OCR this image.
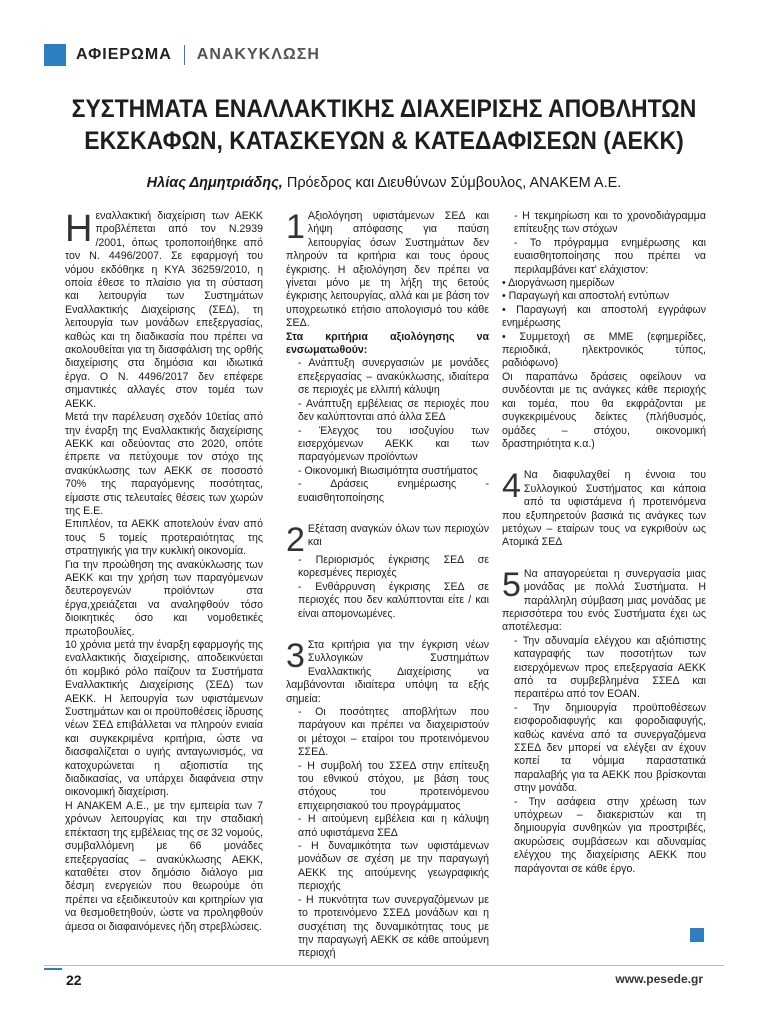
ΑΦΙΕΡΩΜΑ ΑΝΑΚΥΚΛΩΣΗ
ΣΥΣΤΗΜΑΤΑ ΕΝΑΛΛΑΚΤΙΚΗΣ ΔΙΑΧΕΙΡΙΣΗΣ ΑΠΟΒΛΗΤΩΝ
ΕΚΣΚΑΦΩΝ, ΚΑΤΑΣΚΕΥΩΝ & ΚΑΤΕΔΑΦΙΣΕΩΝ (ΑΕΚΚ)
Ηλίας Δημητριάδης, Πρόεδρος και Διευθύνων Σύμβουλος, ΑΝΑΚΕΜ Α.Ε.

Ηεναλλακτική διαχείριση των ΑΕΚΚ προβλέπεται από τον Ν.2939 /2001, όπως τροποποιήθηκε από τον Ν. 4496/2007. Σε εφαρμογή του νόμου εκδόθηκε η ΚΥΑ 36259/2010, η οποία έθεσε το πλαίσιο για τη σύσταση και λειτουργία των Συστημάτων Εναλλακτικής Διαχείρισης (ΣΕΔ), τη λειτουργία των μονάδων επεξεργασίας, καθώς και τη διαδικασία που πρέπει να ακολουθείται για τη διασφάλιση της ορθής διαχείρισης στα δημόσια και ιδιωτικά έργα. Ο Ν. 4496/2017 δεν επέφερε σημαντικές αλλαγές στον τομέα των ΑΕΚΚ.

Μετά την παρέλευση σχεδόν 10ετίας από την έναρξη της Εναλλακτικής διαχείρισης ΑΕΚΚ και οδεύοντας στο 2020, οπότε έπρεπε να πετύχουμε τον στόχο της ανακύκλωσης των ΑΕΚΚ σε ποσοστό 70% της παραγόμενης ποσότητας, είμαστε στις τελευταίες θέσεις των χωρών της Ε.Ε.

Επιπλέον, τα ΑΕΚΚ αποτελούν έναν από τους 5 τομείς προτεραιότητας της στρατηγικής για την κυκλική οικονομία.

Για την προώθηση της ανακύκλωσης των ΑΕΚΚ και την χρήση των παραγόμενων δευτερογενών προϊόντων στα έργα,χρειάζεται να αναληφθούν τόσο διοικητικές όσο και νομοθετικές πρωτοβουλίες.

10 χρόνια μετά την έναρξη εφαρμογής της εναλλακτικής διαχείρισης, αποδεικνύεται ότι κομβικό ρόλο παίζουν τα Συστήματα Εναλλακτικής Διαχείρισης (ΣΕΔ) των ΑΕΚΚ. Η λειτουργία των υφιστάμενων Συστημάτων και οι προϋποθέσεις ίδρυσης νέων ΣΕΔ επιβάλλεται να πληρούν ενιαία και συγκεκριμένα κριτήρια, ώστε να διασφαλίζεται ο υγιής ανταγωνισμός, να κατοχυρώνεται η αξιοπιστία της διαδικασίας, να υπάρχει διαφάνεια στην οικονομική διαχείριση.

Η ΑΝΑΚΕΜ Α.Ε., με την εμπειρία των 7 χρόνων λειτουργίας και την σταδιακή επέκταση της εμβέλειας της σε 32 νομούς, συμβαλλόμενη με 66 μονάδες επεξεργασίας – ανακύκλωσης ΑΕΚΚ, καταθέτει στον δημόσιο διάλογο μια δέσμη ενεργειών που θεωρούμε ότι πρέπει να εξειδικευτούν και κριτηρίων για να θεσμοθετηθούν, ώστε να προληφθούν άμεσα οι διαφαινόμενες ήδη στρεβλώσεις.

1 Αξιολόγηση υφιστάμενων ΣΕΔ και λήψη απόφασης για παύση λειτουργίας όσων Συστημάτων δεν πληρούν τα κριτήρια και τους όρους έγκρισης. Η αξιολόγηση δεν πρέπει να γίνεται μόνο με τη λήξη της 6ετούς έγκρισης λειτουργίας, αλλά και με βάση τον υποχρεωτικό ετήσιο απολογισμό του κάθε ΣΕΔ.

Στα κριτήρια αξιολόγησης να ενσωματωθούν:

- Ανάπτυξη συνεργασιών με μονάδες επεξεργασίας – ανακύκλωσης, ιδιαίτερα σε περιοχές με ελλιπή κάλυψη

- Ανάπτυξη εμβέλειας σε περιοχές που δεν καλύπτονται από άλλα ΣΕΔ

- Έλεγχος του ισοζυγίου των εισερχόμενων ΑΕΚΚ και των παραγόμενων προϊόντων

- Οικονομική Βιωσιμότητα συστήματος

- Δράσεις ενημέρωσης - ευαισθητοποίησης

2 Εξέταση αναγκών όλων των περιοχών και

- Περιορισμός έγκρισης ΣΕΔ σε κορεσμένες περιοχές

- Ενθάρρυνση έγκρισης ΣΕΔ σε περιοχές που δεν καλύπτονται είτε / και είναι απομονωμένες.

3 Στα κριτήρια για την έγκριση νέων Συλλογικών Συστημάτων Εναλλακτικής Διαχείρισης να λαμβάνονται ιδιαίτερα υπόψη τα εξής σημεία:

- Οι ποσότητες αποβλήτων που παράγουν και πρέπει να διαχειριστούν οι μέτοχοι – εταίροι του προτεινόμενου ΣΣΕΔ.

- Η συμβολή του ΣΣΕΔ στην επίτευξη του εθνικού στόχου, με βάση τους στόχους του προτεινόμενου επιχειρησιακού του προγράμματος

- Η αιτούμενη εμβέλεια και η κάλυψη από υφιστάμενα ΣΕΔ

- Η δυναμικότητα των υφιστάμενων μονάδων σε σχέση με την παραγωγή ΑΕΚΚ της αιτούμενης γεωγραφικής περιοχής

- Η πυκνότητα των συνεργαζόμενων με το προτεινόμενο ΣΣΕΔ μονάδων και η συσχέτιση της δυναμικότητας τους με την παραγωγή ΑΕΚΚ σε κάθε αιτούμενη περιοχή

- Η τεκμηρίωση και το χρονοδιάγραμμα επίτευξης των στόχων

- Το πρόγραμμα ενημέρωσης και ευαισθητοποίησης που πρέπει να περιλαμβάνει κατ' ελάχιστον:

• Διοργάνωση ημερίδων

• Παραγωγή και αποστολή εντύπων

• Παραγωγή και αποστολή εγγράφων ενημέρωσης

• Συμμετοχή σε ΜΜΕ (εφημερίδες, περιοδικά, ηλεκτρονικός τύπος, ραδιόφωνο)

Οι παραπάνω δράσεις οφείλουν να συνδέονται με τις ανάγκες κάθε περιοχής και τομέα, που θα εκφράζονται με συγκεκριμένους δείκτες (πλήθυσμός, ομάδες – στόχου, οικονομική δραστηριότητα κ.α.)

4 Να διαφυλαχθεί η έννοια του Συλλογικού Συστήματος και κάποια από τα υφιστάμενα ή προτεινόμενα που εξυπηρετούν βασικά τις ανάγκες των μετόχων – εταίρων τους να εγκριθούν ως Ατομικά ΣΕΔ

5 Να απαγορεύεται η συνεργασία μιας μονάδας με πολλά Συστήματα. Η παράλληλη σύμβαση μιας μονάδας με περισσότερα του ενός Συστήματα έχει ως αποτέλεσμα:

- Την αδυναμία ελέγχου και αξιόπιστης καταγραφής των ποσοτήτων των εισερχόμενων προς επεξεργασία ΑΕΚΚ από τα συμβεβλημένα ΣΣΕΔ και περαιτέρω από τον ΕΟΑΝ.

- Την δημιουργία προϋποθέσεων εισφοροδιαφυγής και φοροδιαφυγής, καθώς κανένα από τα συνεργαζόμενα ΣΣΕΔ δεν μπορεί να ελέγξει αν έχουν κοπεί τα νόμιμα παραστατικά παραλαβής για τα ΑΕΚΚ που βρίσκονται στην μονάδα.

- Την ασάφεια στην χρέωση των υπόχρεων – διακεριστών και τη δημιουργία συνθηκών για προστριβές, ακυρώσεις συμβάσεων και αδυναμίας ελέγχου της διαχείρισης ΑΕΚΚ που παράγονται σε κάθε έργο.

22	www.pesede.gr
